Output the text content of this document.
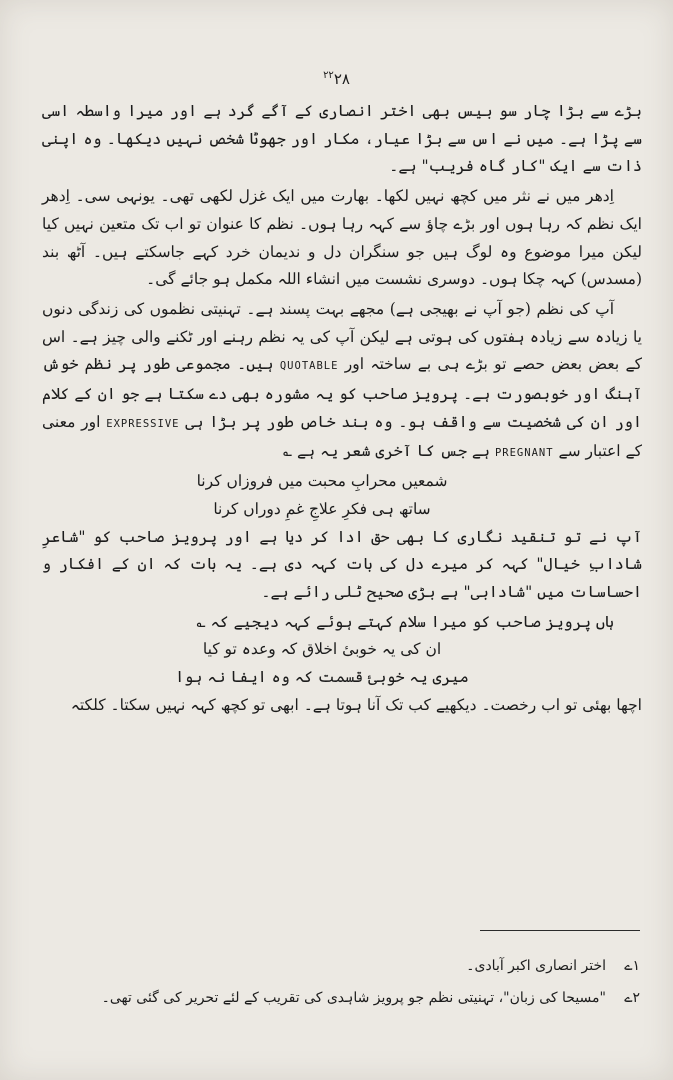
$^{۲۲}$۲۸

بڑے سے بڑا چار سو بیس بھی اختر انصاری کے آگے گرد ہے اور میرا واسطہ اسی سے پڑا ہے۔ میں نے اس سے بڑا عیار، مکار اور جھوٹا شخص نہیں دیکھا۔ وہ اپنی ذات سے ایک "کار گاہ فریب" ہے۔

اِدھر میں نے نثر میں کچھ نہیں لکھا۔ بھارت میں ایک غزل لکھی تھی۔ یونہی سی۔ اِدھر ایک نظم کہ رہا ہوں اور بڑے چاؤ سے کہہ رہا ہوں۔ نظم کا عنوان تو اب تک متعین نہیں کیا لیکن میرا موضوع وہ لوگ ہیں جو سنگران دل و ندیمان خرد کہے جاسکتے ہیں۔ آٹھ بند (مسدس) کہہ چکا ہوں۔ دوسری نشست میں انشاء اللہ مکمل ہو جائے گی۔

آپ کی نظم (جو آپ نے بھیجی ہے) مجھے بہت پسند ہے۔ تہنیتی نظموں کی زندگی دنوں یا زیادہ سے زیادہ ہفتوں کی ہوتی ہے لیکن آپ کی یہ نظم رہنے اور ٹکنے والی چیز ہے۔ اس کے بعض بعض حصے تو بڑے ہی بے ساختہ اور QUOTABLE ہیں۔ مجموعی طور پر نظم خوش آہنگ اور خوبصورت ہے۔ پرویز صاحب کو یہ مشورہ بھی دے سکتا ہے جو ان کے کلام اور ان کی شخصیت سے واقف ہو۔ وہ بند خاص طور پر بڑا ہی EXPRESSIVE اور معنی کے اعتبار سے PREGNANT ہے جس کا آخری شعر یہ ہے ؎

شمعیں محرابِ محبت میں فروزاں کرنا

ساتھ ہی فکرِ علاجِ غمِ دوراں کرنا

آپ نے تو تنقید نگاری کا بھی حق ادا کر دیا ہے اور پرویز صاحب کو "شاعرِ شادابِ خیال" کہہ کر میرے دل کی بات کہہ دی ہے۔ یہ بات کہ ان کے افکار و احساسات میں "شادابی" ہے بڑی صحیح ٹلی رائے ہے۔

ہاں پرویز صاحب کو میرا سلام کہتے ہوئے کہہ دیجیے کہ ؎

ان کی یہ خوبیٔ اخلاق کہ وعدہ تو کیا

میری یہ خوبیٔ قسمت کہ وہ ایفا نہ ہوا

اچھا بھئی تو اب رخصت۔ دیکھیے کب تک آنا ہوتا ہے۔ ابھی تو کچھ کہہ نہیں سکتا۔ کلکتہ

۱ےاختر انصاری اکبر آبادی۔

۲ے"مسیحا کی زبان"، تہنیتی نظم جو پرویز شاہدی کی تقریب کے لئے تحریر کی گئی تھی۔
